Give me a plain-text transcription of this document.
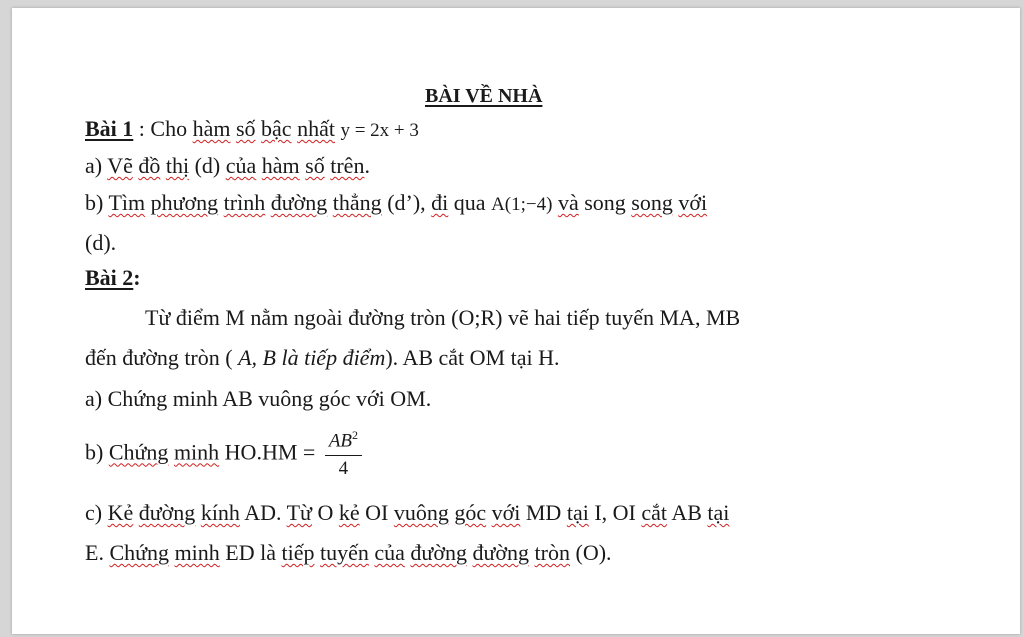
BÀI VỀ NHÀ
Bài 1 : Cho hàm số bậc nhất y = 2x + 3
a) Vẽ đồ thị (d) của hàm số trên.
b) Tìm phương trình đường thẳng (d’), đi qua A(1;−4) và song song với
(d).
Bài 2:
Từ điểm M nằm ngoài đường tròn (O;R) vẽ hai tiếp tuyến MA, MB
đến đường tròn ( A, B là tiếp điểm). AB cắt OM tại H.
a) Chứng minh AB vuông góc với OM.
b) Chứng minh $HO.HM = \frac{AB^2}{4}$
c) Kẻ đường kính AD. Từ O kẻ OI vuông góc với MD tại I, OI cắt AB tại
E. Chứng minh ED là tiếp tuyến của đường đường tròn (O).
